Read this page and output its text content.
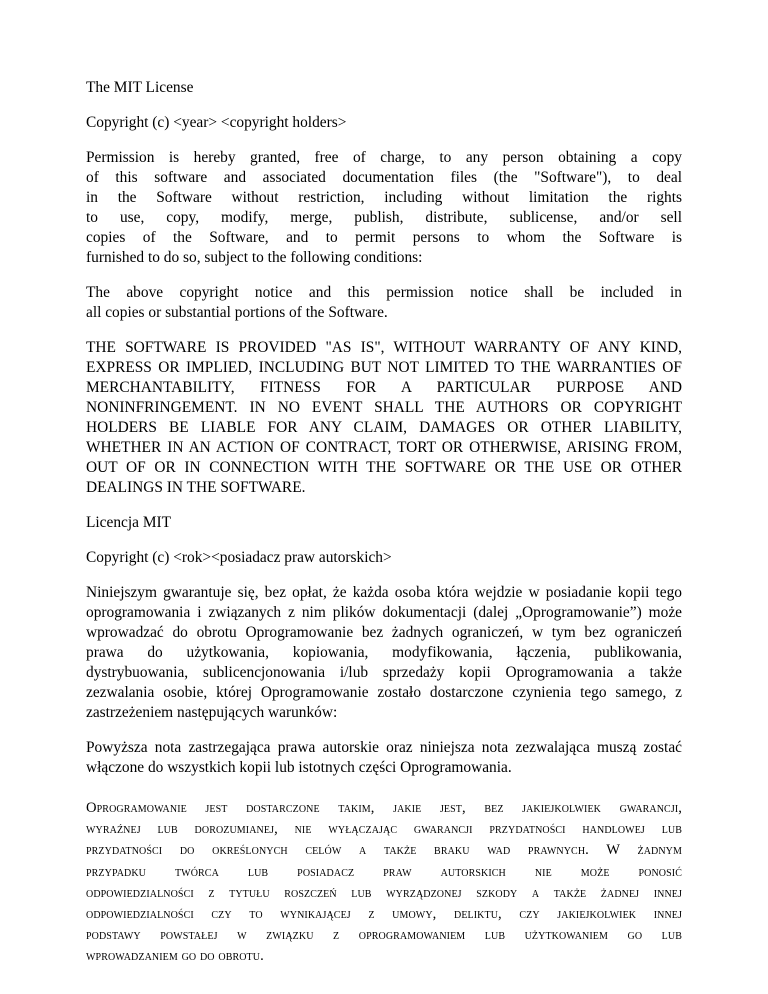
The MIT License

Copyright (c) <year> <copyright holders>

Permission is hereby granted, free of charge, to any person obtaining a copy
of this software and associated documentation files (the "Software"), to deal
in the Software without restriction, including without limitation the rights
to use, copy, modify, merge, publish, distribute, sublicense, and/or sell
copies of the Software, and to permit persons to whom the Software is
furnished to do so, subject to the following conditions:
The above copyright notice and this permission notice shall be included in
all copies or substantial portions of the Software.
THE SOFTWARE IS PROVIDED "AS IS", WITHOUT WARRANTY OF ANY KIND,
EXPRESS OR IMPLIED, INCLUDING BUT NOT LIMITED TO THE WARRANTIES OF
MERCHANTABILITY, FITNESS FOR A PARTICULAR PURPOSE AND
NONINFRINGEMENT. IN NO EVENT SHALL THE AUTHORS OR COPYRIGHT
HOLDERS BE LIABLE FOR ANY CLAIM, DAMAGES OR OTHER LIABILITY,
WHETHER IN AN ACTION OF CONTRACT, TORT OR OTHERWISE, ARISING FROM,
OUT OF OR IN CONNECTION WITH THE SOFTWARE OR THE USE OR OTHER
DEALINGS IN THE SOFTWARE.

Licencja MIT

Copyright (c) <rok><posiadacz praw autorskich>

Niniejszym gwarantuje się, bez opłat, że każda osoba która wejdzie w posiadanie kopii tego
oprogramowania i związanych z nim plików dokumentacji (dalej „Oprogramowanie”) może
wprowadzać do obrotu Oprogramowanie bez żadnych ograniczeń, w tym bez ograniczeń
prawa do użytkowania, kopiowania, modyfikowania, łączenia, publikowania,
dystrybuowania, sublicencjonowania i/lub sprzedaży kopii Oprogramowania a także
zezwalania osobie, której Oprogramowanie zostało dostarczone czynienia tego samego, z
zastrzeżeniem następujących warunków:
Powyższa nota zastrzegająca prawa autorskie oraz niniejsza nota zezwalająca muszą zostać
włączone do wszystkich kopii lub istotnych części Oprogramowania.
Oprogramowanie jest dostarczone takim, jakie jest, bez jakiejkolwiek gwarancji,
wyraźnej lub dorozumianej, nie wyłączając gwarancji przydatności handlowej lub
przydatności do określonych celów a także braku wad prawnych. W żadnym
przypadku twórca lub posiadacz praw autorskich nie może ponosić
odpowiedzialności z tytułu roszczeń lub wyrządzonej szkody a także żadnej innej
odpowiedzialności czy to wynikającej z umowy, deliktu, czy jakiejkolwiek innej
podstawy powstałej w związku z oprogramowaniem lub użytkowaniem go lub
wprowadzaniem go do obrotu.
